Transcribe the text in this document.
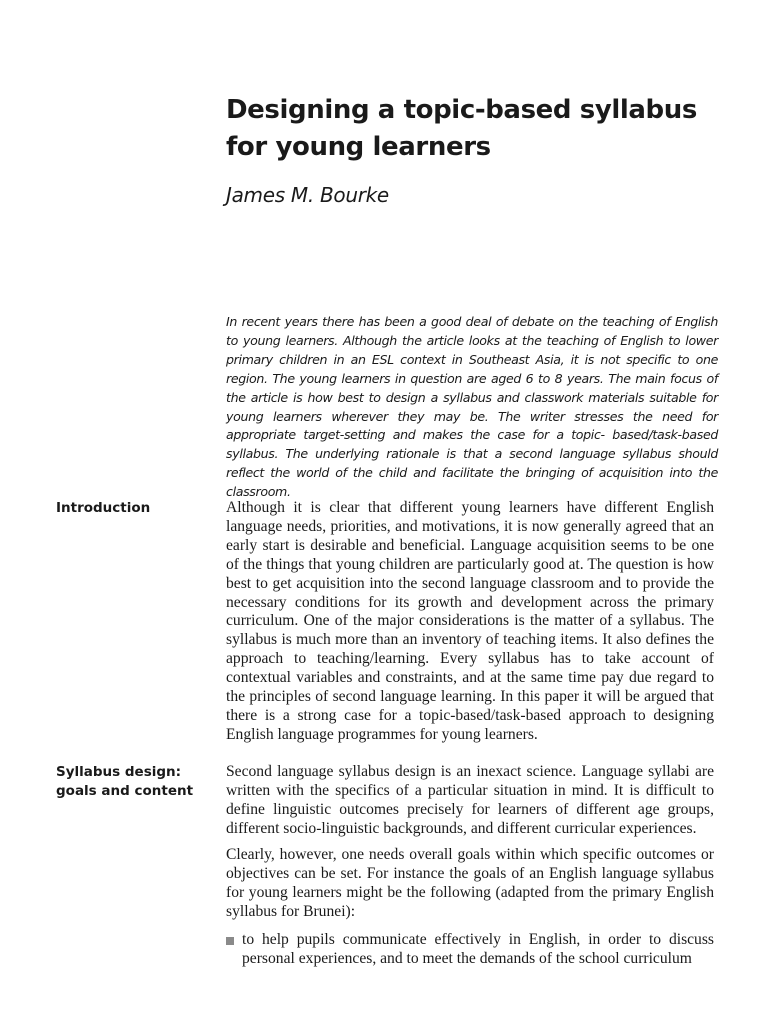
Designing a topic-based syllabus
for young learners
James M. Bourke

In recent years there has been a good deal of debate on the teaching of English to young learners. Although the article looks at the teaching of English to lower primary children in an ESL context in Southeast Asia, it is not specific to one region. The young learners in question are aged 6 to 8 years. The main focus of the article is how best to design a syllabus and classwork materials suitable for young learners wherever they may be. The writer stresses the need for appropriate target-setting and makes the case for a topic- based/task-based syllabus. The underlying rationale is that a second language syllabus should reflect the world of the child and facilitate the bringing of acquisition into the classroom.

Introduction	Although it is clear that different young learners have different English language needs, priorities, and motivations, it is now generally agreed that an early start is desirable and beneficial. Language acquisition seems to be one of the things that young children are particularly good at. The question is how best to get acquisition into the second language classroom and to provide the necessary conditions for its growth and development across the primary curriculum. One of the major considerations is the matter of a syllabus. The syllabus is much more than an inventory of teaching items. It also defines the approach to teaching/learning. Every syllabus has to take account of contextual variables and constraints, and at the same time pay due regard to the principles of second language learning. In this paper it will be argued that there is a strong case for a topic-based/task-based approach to designing English language programmes for young learners.

Syllabus design:
goals and content

Second language syllabus design is an inexact science. Language syllabi are written with the specifics of a particular situation in mind. It is difficult to define linguistic outcomes precisely for learners of different age groups, different socio-linguistic backgrounds, and different curricular experiences.

Clearly, however, one needs overall goals within which specific outcomes or objectives can be set. For instance the goals of an English language syllabus for young learners might be the following (adapted from the primary English syllabus for Brunei):

to help pupils communicate effectively in English, in order to discuss personal experiences, and to meet the demands of the school curriculum
